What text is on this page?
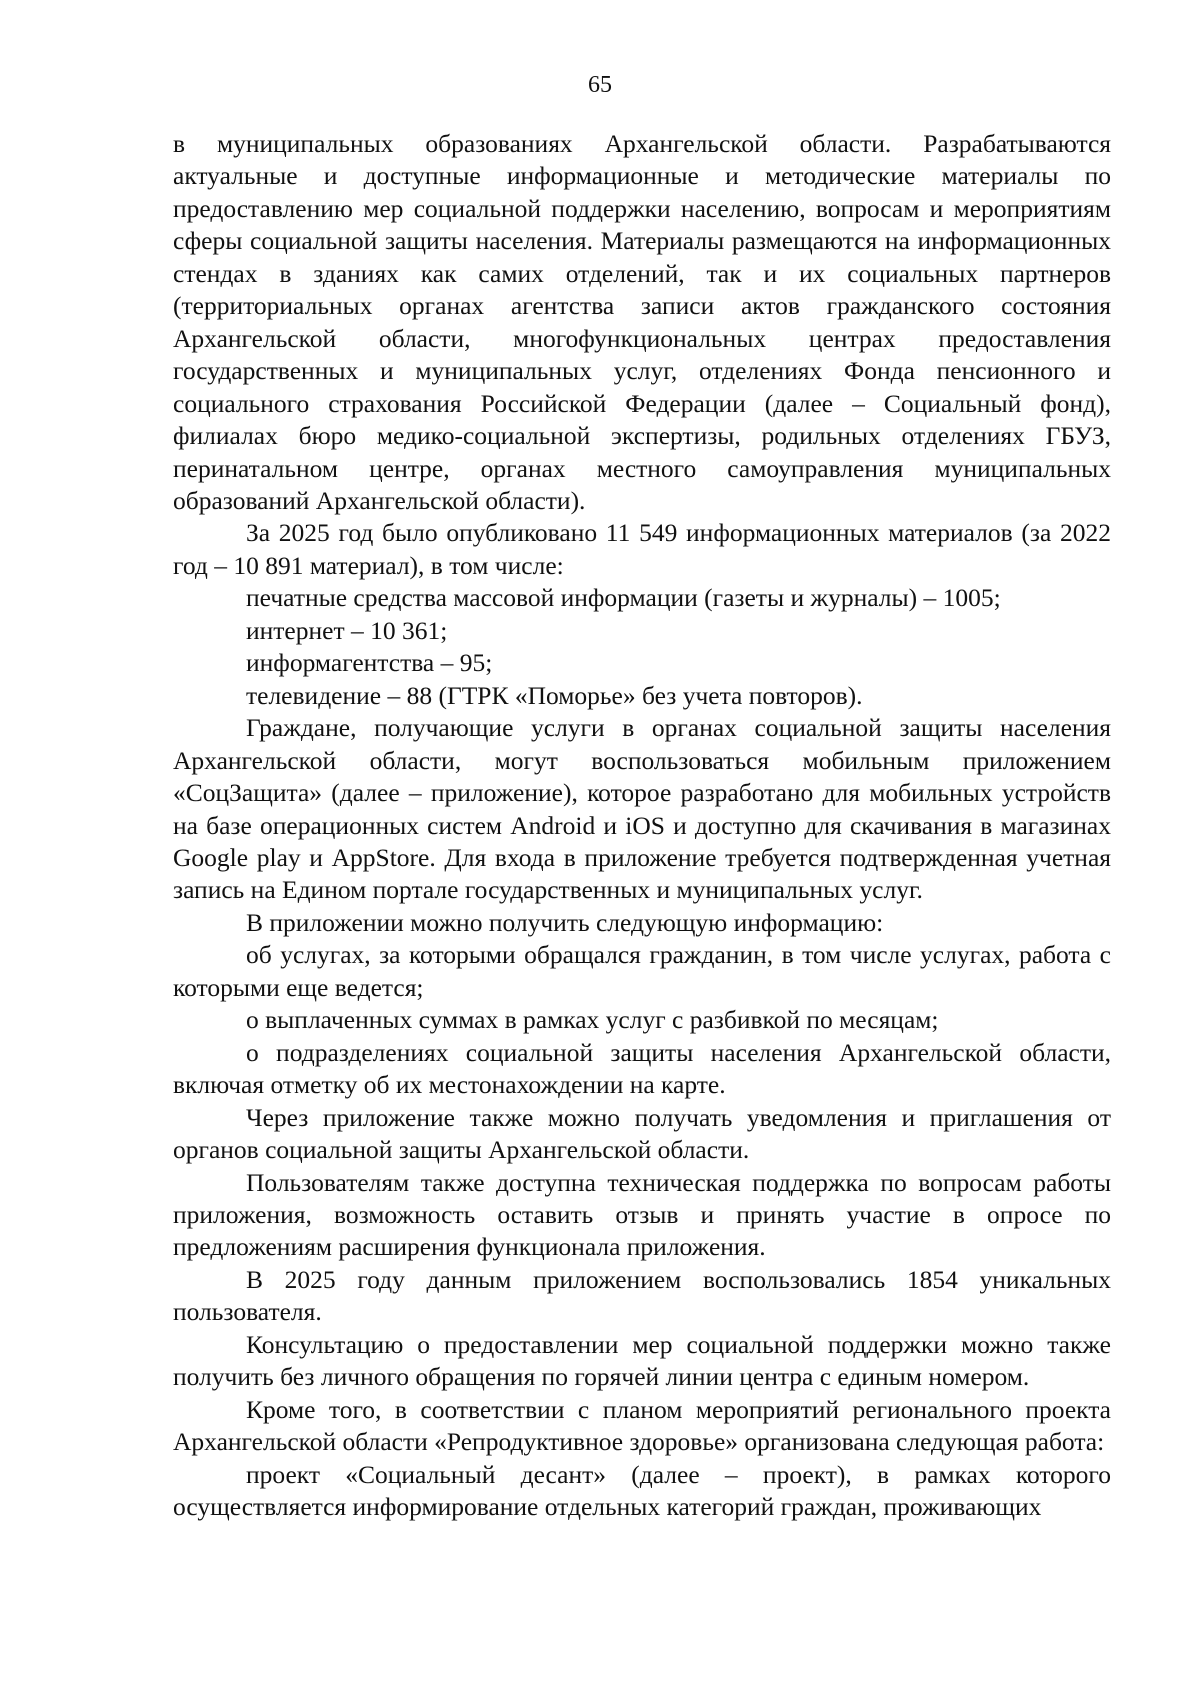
65

в муниципальных образованиях Архангельской области. Разрабатываются актуальные и доступные информационные и методические материалы по предоставлению мер социальной поддержки населению, вопросам и мероприятиям сферы социальной защиты населения. Материалы размещаются на информационных стендах в зданиях как самих отделений, так и их социальных партнеров (территориальных органах агентства записи актов гражданского состояния Архангельской области, многофункциональных центрах предоставления государственных и муниципальных услуг, отделениях Фонда пенсионного и социального страхования Российской Федерации (далее – Социальный фонд), филиалах бюро медико-социальной экспертизы, родильных отделениях ГБУЗ, перинатальном центре, органах местного самоуправления муниципальных образований Архангельской области).

За 2025 год было опубликовано 11 549 информационных материалов (за 2022 год – 10 891 материал), в том числе:

печатные средства массовой информации (газеты и журналы) – 1005;

интернет – 10 361;

информагентства – 95;

телевидение – 88 (ГТРК «Поморье» без учета повторов).

Граждане, получающие услуги в органах социальной защиты населения Архангельской области, могут воспользоваться мобильным приложением «СоцЗащита» (далее – приложение), которое разработано для мобильных устройств на базе операционных систем Android и iOS и доступно для скачивания в магазинах Google play и AppStore. Для входа в приложение требуется подтвержденная учетная запись на Едином портале государственных и муниципальных услуг.

В приложении можно получить следующую информацию:

об услугах, за которыми обращался гражданин, в том числе услугах, работа с которыми еще ведется;

о выплаченных суммах в рамках услуг с разбивкой по месяцам;

о подразделениях социальной защиты населения Архангельской области, включая отметку об их местонахождении на карте.

Через приложение также можно получать уведомления и приглашения от органов социальной защиты Архангельской области.

Пользователям также доступна техническая поддержка по вопросам работы приложения, возможность оставить отзыв и принять участие в опросе по предложениям расширения функционала приложения.

В 2025 году данным приложением воспользовались 1854 уникальных пользователя.

Консультацию о предоставлении мер социальной поддержки можно также получить без личного обращения по горячей линии центра с единым номером.

Кроме того, в соответствии с планом мероприятий регионального проекта Архангельской области «Репродуктивное здоровье» организована следующая работа:

проект «Социальный десант» (далее – проект), в рамках которого осуществляется информирование отдельных категорий граждан, проживающих
